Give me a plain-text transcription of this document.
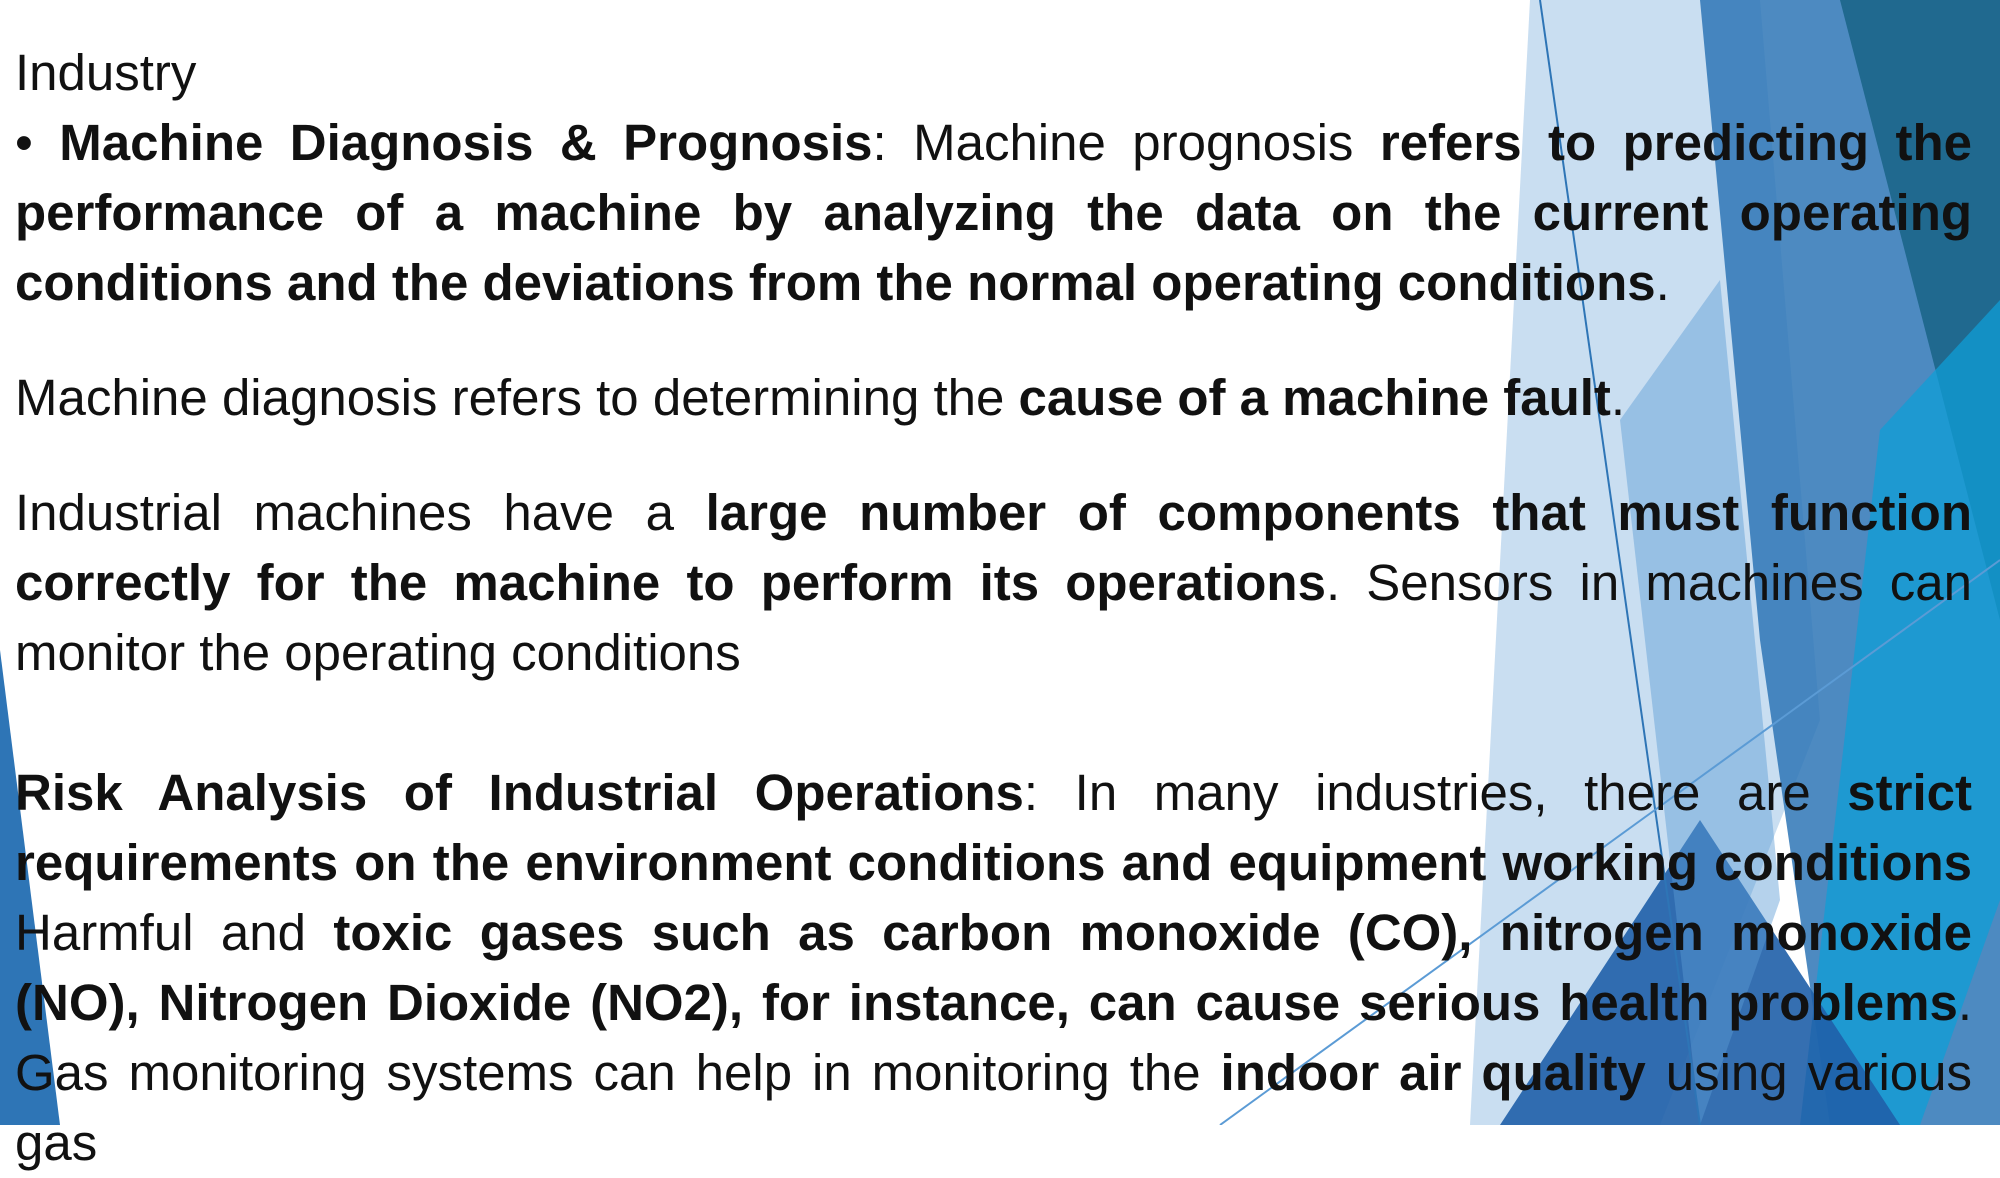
Industry

• Machine Diagnosis & Prognosis: Machine prognosis refers to predicting the performance of a machine by analyzing the data on the current operating conditions and the deviations from the normal operating conditions.

Machine diagnosis refers to determining the cause of a machine fault.

Industrial machines have a large number of components that must function correctly for the machine to perform its operations. Sensors in machines can monitor the operating conditions

Risk Analysis of Industrial Operations: In many industries, there are strict requirements on the environment conditions and equipment working conditions Harmful and toxic gases such as carbon monoxide (CO), nitrogen monoxide (NO), Nitrogen Dioxide (NO2), for instance, can cause serious health problems. Gas monitoring systems can help in monitoring the indoor air quality using various gas
